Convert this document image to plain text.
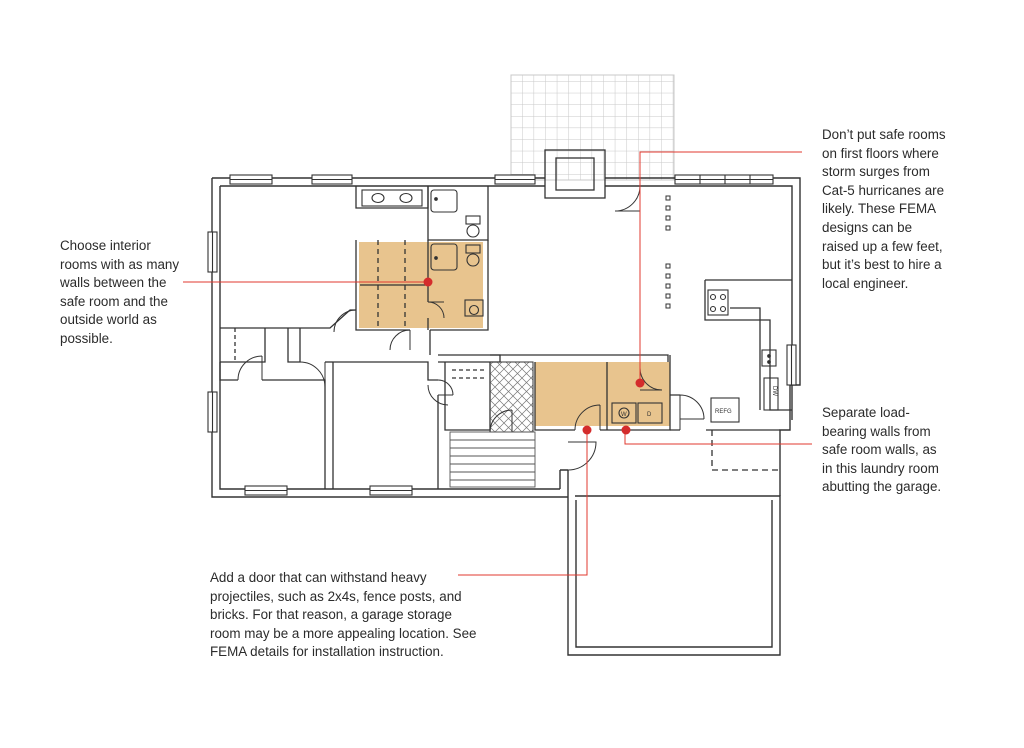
W	D	REFG
DW

Choose interior
rooms with as many
walls between the
safe room and the
outside world as
possible.

Don’t put safe rooms
on first floors where
storm surges from
Cat-5 hurricanes are
likely. These FEMA
designs can be
raised up a few feet,
but it’s best to hire a
local engineer.

Separate load-
bearing walls from
safe room walls, as
in this laundry room
abutting the garage.

Add a door that can withstand heavy
projectiles, such as 2x4s, fence posts, and
bricks. For that reason, a garage storage
room may be a more appealing location. See
FEMA details for installation instruction.
